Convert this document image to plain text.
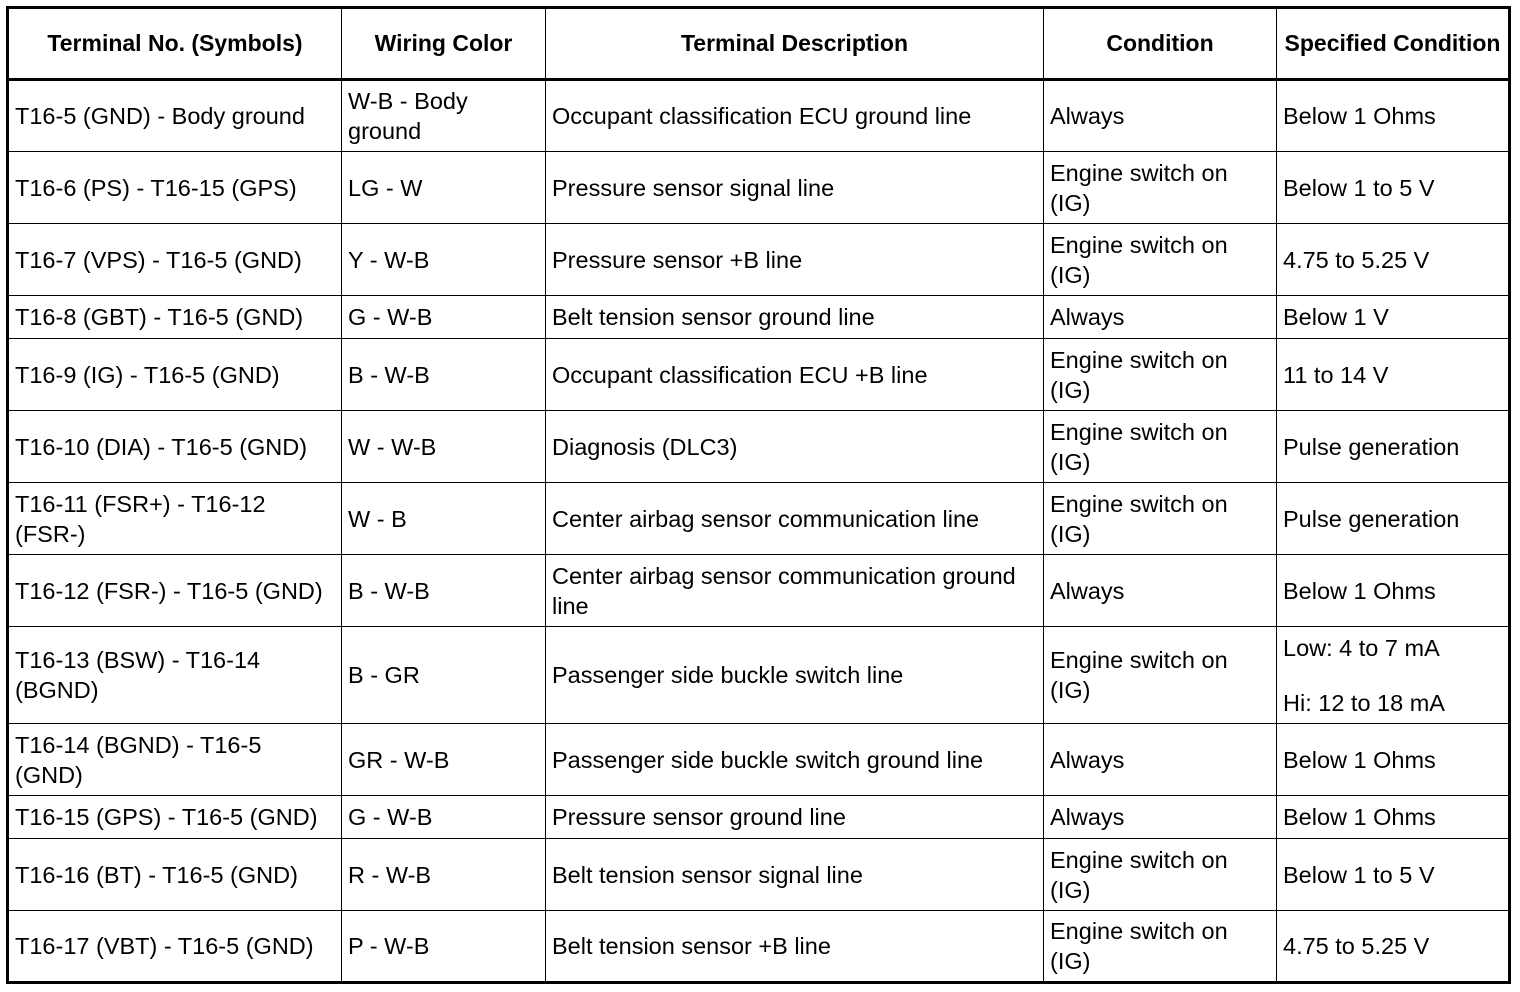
Terminal No. (Symbols)	Wiring Color	Terminal Description	Condition	Specified Condition
T16-5 (GND) - Body ground	W-B - Body ground	Occupant classification ECU ground line	Always	Below 1 Ohms

T16-6 (PS) - T16-15 (GPS)	LG - W	Pressure sensor signal line	Engine switch on (IG)	Below 1 to 5 V

T16-7 (VPS) - T16-5 (GND)	Y - W-B	Pressure sensor +B line	Engine switch on (IG)	4.75 to 5.25 V

T16-8 (GBT) - T16-5 (GND)	G - W-B	Belt tension sensor ground line	Always	Below 1 V

T16-9 (IG) - T16-5 (GND)	B - W-B	Occupant classification ECU +B line	Engine switch on (IG)	11 to 14 V

T16-10 (DIA) - T16-5 (GND)	W - W-B	Diagnosis (DLC3)	Engine switch on (IG)	Pulse generation

T16-11 (FSR+) - T16-12 (FSR-)	W - B	Center airbag sensor communication line	Engine switch on (IG)	Pulse generation

T16-12 (FSR-) - T16-5 (GND)	B - W-B	Center airbag sensor communication ground line	Always	Below 1 Ohms

T16-13 (BSW) - T16-14 (BGND)	B - GR	Passenger side buckle switch line	Engine switch on (IG)	Low: 4 to 7 mA
Hi: 12 to 18 mA

T16-14 (BGND) - T16-5 (GND)	GR - W-B	Passenger side buckle switch ground line	Always	Below 1 Ohms

T16-15 (GPS) - T16-5 (GND)	G - W-B	Pressure sensor ground line	Always	Below 1 Ohms

T16-16 (BT) - T16-5 (GND)	R - W-B	Belt tension sensor signal line	Engine switch on (IG)	Below 1 to 5 V

T16-17 (VBT) - T16-5 (GND)	P - W-B	Belt tension sensor +B line	Engine switch on (IG)	4.75 to 5.25 V
